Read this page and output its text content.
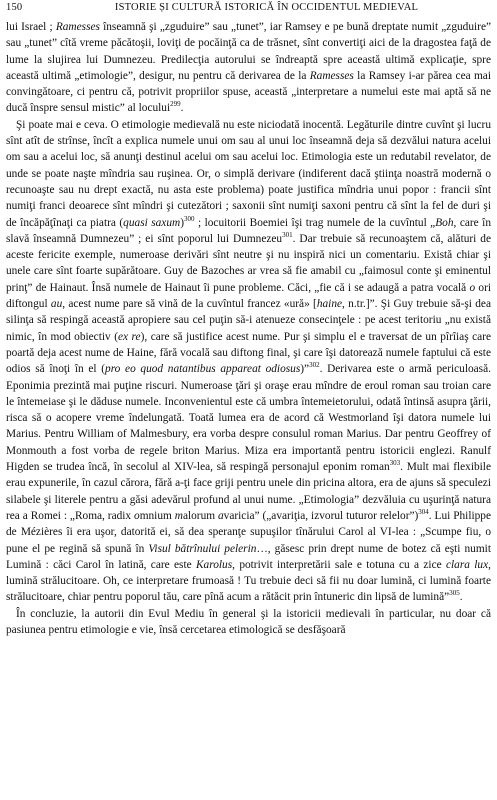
150	ISTORIE ȘI CULTURĂ ISTORICĂ ÎN OCCIDENTUL MEDIEVAL

lui Israel ; Ramesses înseamnă şi „zguduire” sau „tunet”, iar Ramsey e pe bună dreptate numit „zguduire” sau „tunet” cîtă vreme păcătoşii, loviţi de pocăinţă ca de trăsnet, sînt convertiţi aici de la dragostea faţă de lume la slujirea lui Dumnezeu. Predilecţia autorului se îndreaptă spre această ultimă explicaţie, spre această ultimă „etimologie”, desigur, nu pentru că derivarea de la Ramesses la Ramsey i-ar părea cea mai convingătoare, ci pentru că, potrivit propriilor spuse, această „interpretare a numelui este mai aptă să ne ducă înspre sensul mistic” al locului$^{299}$.

Şi poate mai e ceva. O etimologie medievală nu este niciodată inocentă. Legăturile dintre cuvînt şi lucru sînt atît de strînse, încît a explica numele unui om sau al unui loc înseamnă deja să dezvălui natura acelui om sau a acelui loc, să anunţi destinul acelui om sau acelui loc. Etimologia este un redutabil revelator, de unde se poate naşte mîndria sau ruşinea. Or, o simplă derivare (indiferent dacă ştiinţa noastră modernă o recunoaşte sau nu drept exactă, nu asta este problema) poate justifica mîndria unui popor : francii sînt numiţi franci deoarece sînt mîndri şi cutezători ; saxonii sînt numiţi saxoni pentru că sînt la fel de duri şi de încăpăţînaţi ca piatra (quasi saxum)$^{300}$ ; locuitorii Boemiei îşi trag numele de la cuvîntul „Boh, care în slavă înseamnă Dumnezeu” ; ei sînt poporul lui Dumnezeu$^{301}$. Dar trebuie să recunoaştem că, alături de aceste fericite exemple, numeroase derivări sînt neutre şi nu inspiră nici un comentariu. Există chiar şi unele care sînt foarte supărătoare. Guy de Bazoches ar vrea să fie amabil cu „faimosul conte şi eminentul prinţ” de Hainaut. Însă numele de Hainaut îi pune probleme. Căci, „fie că i se adaugă a patra vocală o ori diftongul au, acest nume pare să vină de la cuvîntul francez «ură» [haine, n.tr.]”. Şi Guy trebuie să-şi dea silinţa să respingă această apropiere sau cel puţin să-i atenueze consecinţele : pe acest teritoriu „nu există nimic, în mod obiectiv (ex re), care să justifice acest nume. Pur şi simplu el e traversat de un pîrîiaş care poartă deja acest nume de Haine, fără vocală sau diftong final, şi care îşi datorează numele faptului că este odios să înoţi în el (pro eo quod natantibus appareat odiosus)”$^{302}$. Derivarea este o armă periculoasă. Eponimia prezintă mai puţine riscuri. Numeroase ţări şi oraşe erau mîndre de eroul roman sau troian care le întemeiase şi le dăduse numele. Inconvenientul este că umbra întemeietorului, odată întinsă asupra ţării, risca să o acopere vreme îndelungată. Toată lumea era de acord că Westmorland îşi datora numele lui Marius. Pentru William of Malmesbury, era vorba despre consulul roman Marius. Dar pentru Geoffrey of Monmouth a fost vorba de regele briton Marius. Miza era importantă pentru istoricii englezi. Ranulf Higden se trudea încă, în secolul al XIV-lea, să respingă personajul eponim roman$^{303}$. Mult mai flexibile erau expunerile, în cazul cărora, fără a-ţi face griji pentru unele din pricina altora, era de ajuns să speculezi silabele şi literele pentru a găsi adevărul profund al unui nume. „Etimologia” dezvăluia cu uşurinţă natura rea a Romei : „Roma, radix omnium malorum avaricia” („avariţia, izvorul tuturor relelor”)$^{304}$. Lui Philippe de Mézières îi era uşor, datorită ei, să dea speranţe supuşilor tînărului Carol al VI-lea : „Scumpe fiu, o pune el pe regină să spună în Visul bătrînului pelerin…, găsesc prin drept nume de botez că eşti numit Lumină : căci Carol în latină, care este Karolus, potrivit interpretării sale e totuna cu a zice clara lux, lumină strălucitoare. Oh, ce interpretare frumoasă ! Tu trebuie deci să fii nu doar lumină, ci lumină foarte strălucitoare, chiar pentru poporul tău, care pînă acum a rătăcit prin întuneric din lipsă de lumină”$^{305}$.

În concluzie, la autorii din Evul Mediu în general şi la istoricii medievali în particular, nu doar că pasiunea pentru etimologie e vie, însă cercetarea etimologică se desfăşoară
